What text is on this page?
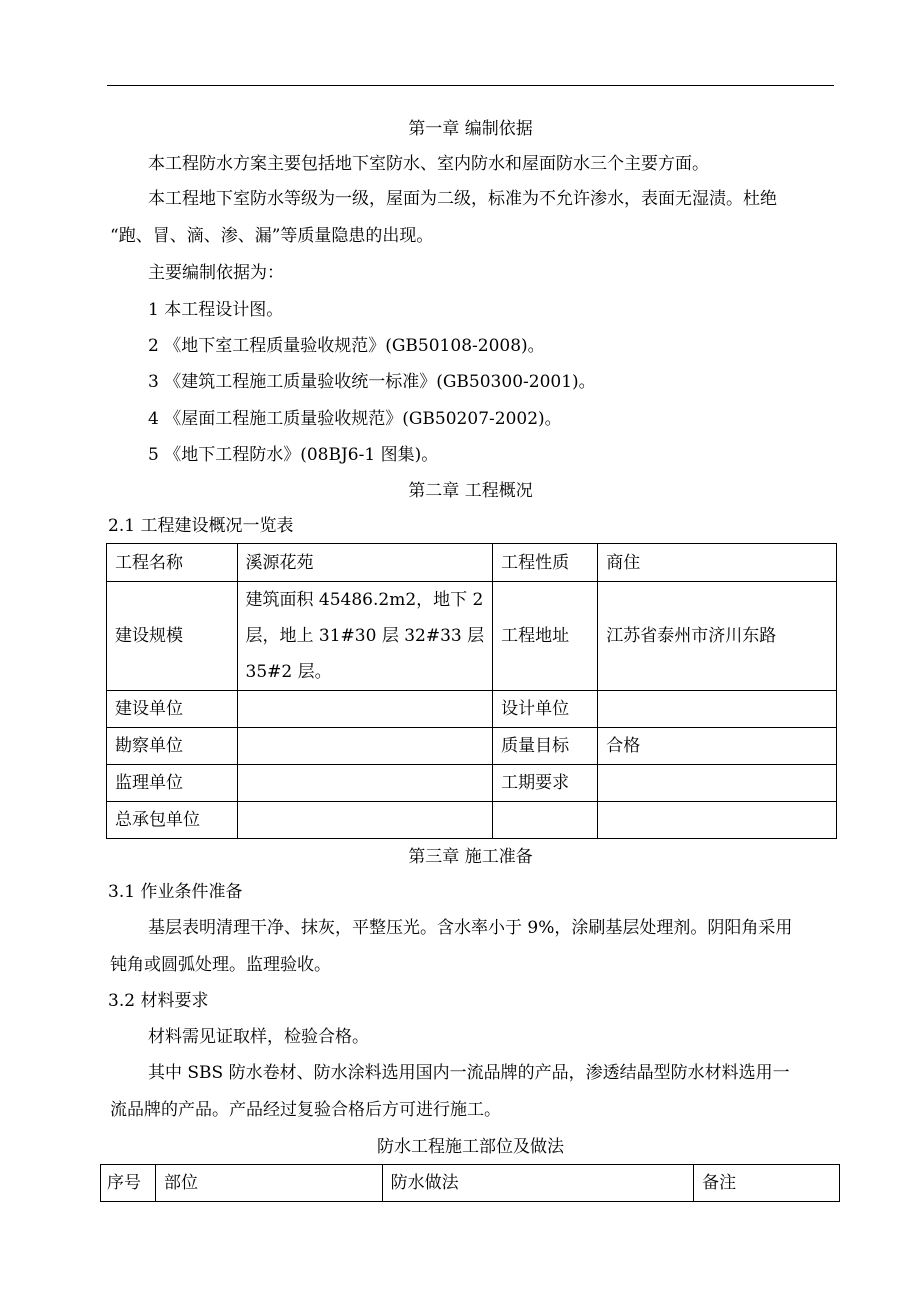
第一章 编制依据
本工程防水方案主要包括地下室防水、室内防水和屋面防水三个主要方面。
本工程地下室防水等级为一级，屋面为二级，标准为不允许渗水，表面无湿渍。杜绝
“跑、冒、滴、渗、漏”等质量隐患的出现。
主要编制依据为：
1 本工程设计图。
2 《地下室工程质量验收规范》(GB50108-2008)。
3 《建筑工程施工质量验收统一标准》(GB50300-2001)。
4 《屋面工程施工质量验收规范》(GB50207-2002)。
5 《地下工程防水》(08BJ6-1 图集)。
第二章 工程概况
2.1 工程建设概况一览表
工程名称	溪源花苑	工程性质	商住
建设规模	建筑面积 45486.2m2，地下 2
层，地上 31#30 层 32#33 层
35#2 层。	工程地址	江苏省泰州市济川东路
建设单位		设计单位	
勘察单位		质量目标	合格
监理单位		工期要求	
总承包单位			
第三章 施工准备
3.1 作业条件准备
基层表明清理干净、抹灰，平整压光。含水率小于 9%，涂刷基层处理剂。阴阳角采用
钝角或圆弧处理。监理验收。
3.2 材料要求
材料需见证取样，检验合格。
其中 SBS 防水卷材、防水涂料选用国内一流品牌的产品，渗透结晶型防水材料选用一
流品牌的产品。产品经过复验合格后方可进行施工。
防水工程施工部位及做法
序号	部位	防水做法	备注
